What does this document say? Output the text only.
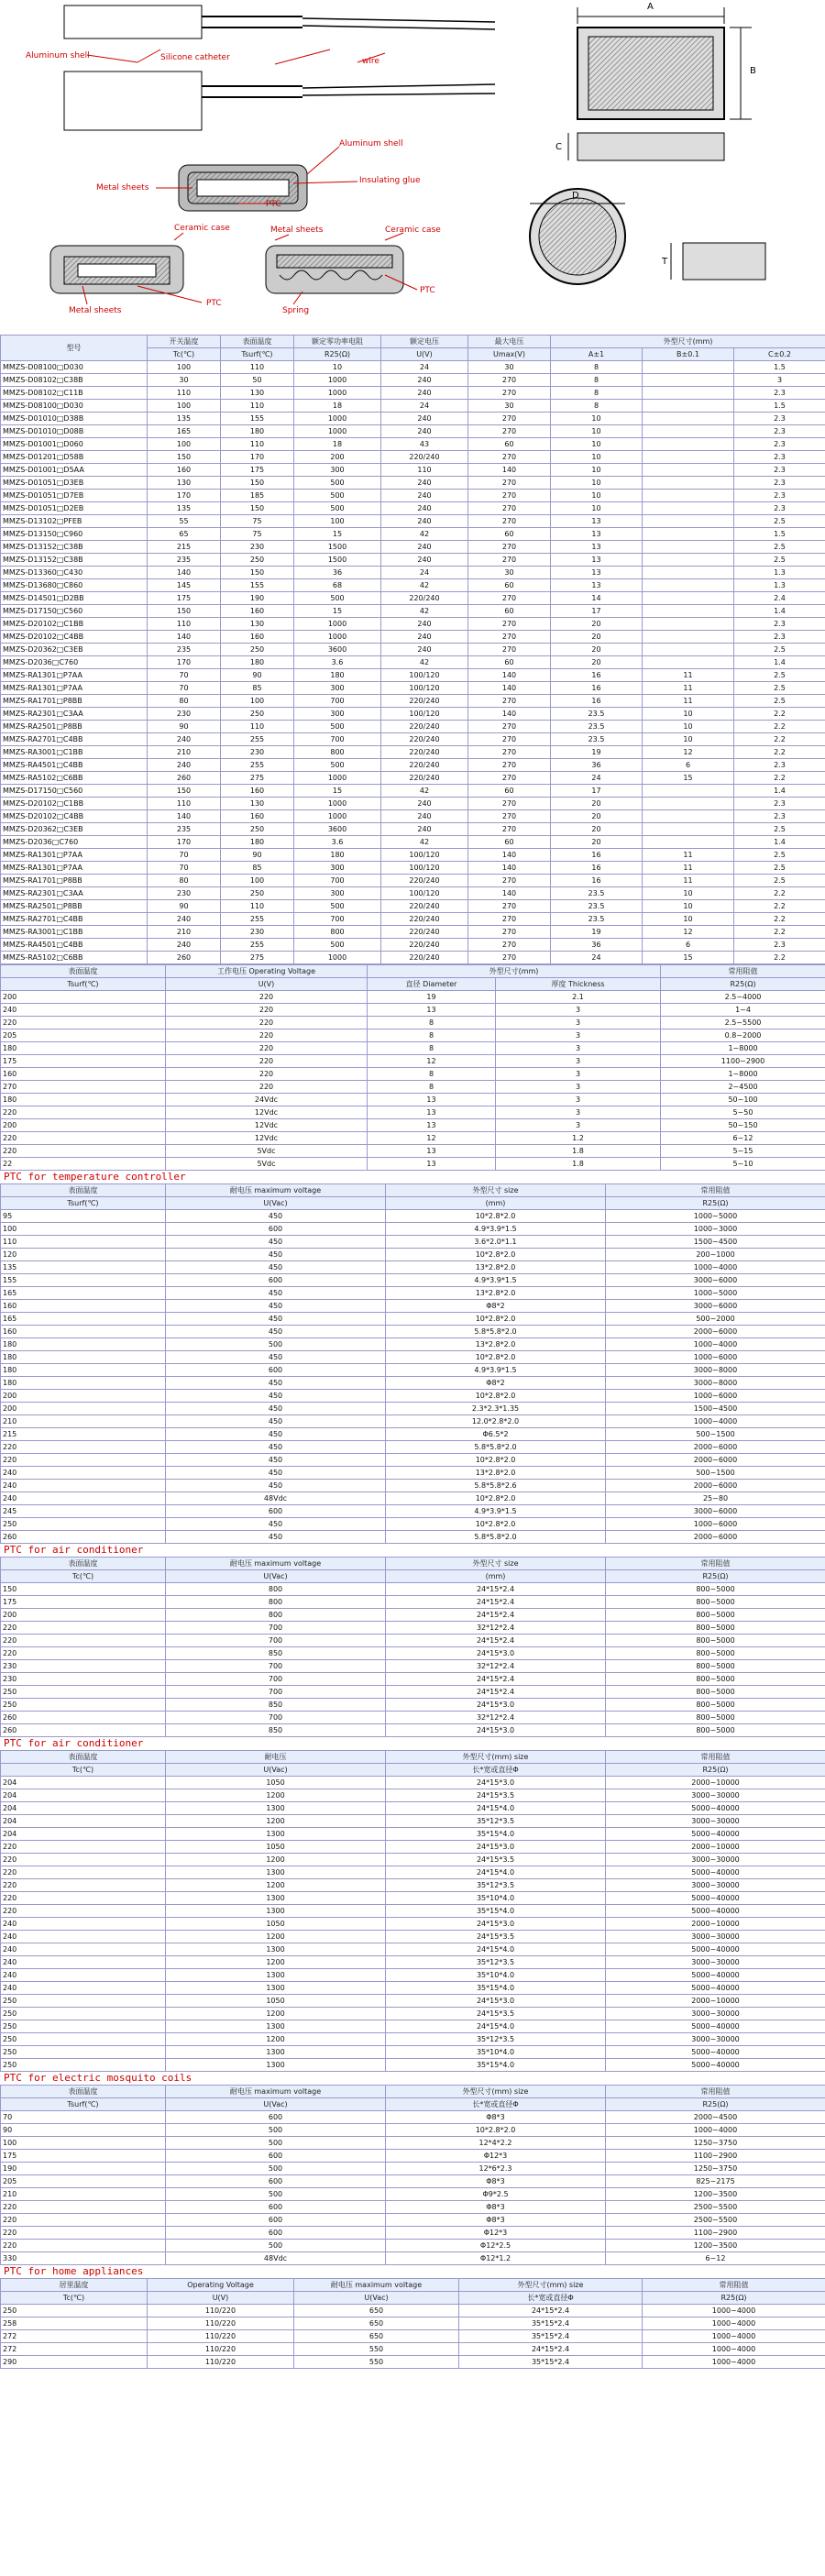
Aluminum shell	Silicone catheter	wire
Aluminum shell
Insulating glue
Metal sheets
PTC
Ceramic case	Metal sheets	Ceramic case
PTC
Metal sheets
PTC
Spring
A
B
C
D
T
型号	开关温度	表面温度	额定零功率电阻	额定电压	最大电压	外型尺寸(mm)		
	Tc(℃)	Tsurf(℃)	R25(Ω)	U(V)	Umax(V)	A±1	B±0.1	C±0.2
MMZS-D08100□D030	100	110	10	24	30	8		1.5
MMZS-D08102□C38B	30	50	1000	240	270	8		3
MMZS-D08102□C11B	110	130	1000	240	270	8		2.3
MMZS-D08100□D030	100	110	18	24	30	8		1.5
MMZS-D01010□D38B	135	155	1000	240	270	10		2.3
MMZS-D01010□D08B	165	180	1000	240	270	10		2.3
MMZS-D01001□D060	100	110	18	43	60	10		2.3
MMZS-D01201□D58B	150	170	200	220/240	270	10		2.3
MMZS-D01001□D5AA	160	175	300	110	140	10		2.3
MMZS-D01051□D3EB	130	150	500	240	270	10		2.3
MMZS-D01051□D7EB	170	185	500	240	270	10		2.3
MMZS-D01051□D2EB	135	150	500	240	270	10		2.3
MMZS-D13102□PFEB	55	75	100	240	270	13		2.5
MMZS-D13150□C960	65	75	15	42	60	13		1.5
MMZS-D13152□C38B	215	230	1500	240	270	13		2.5
MMZS-D13152□C38B	235	250	1500	240	270	13		2.5
MMZS-D13360□C430	140	150	36	24	30	13		1.3
MMZS-D13680□C860	145	155	68	42	60	13		1.3
MMZS-D14501□D2BB	175	190	500	220/240	270	14		2.4
MMZS-D17150□C560	150	160	15	42	60	17		1.4
MMZS-D20102□C1BB	110	130	1000	240	270	20		2.3
MMZS-D20102□C4BB	140	160	1000	240	270	20		2.3
MMZS-D20362□C3EB	235	250	3600	240	270	20		2.5
MMZS-D2036□C760	170	180	3.6	42	60	20		1.4
MMZS-RA1301□P7AA	70	90	180	100/120	140	16	11	2.5
MMZS-RA1301□P7AA	70	85	300	100/120	140	16	11	2.5
MMZS-RA1701□P8BB	80	100	700	220/240	270	16	11	2.5
MMZS-RA2301□C3AA	230	250	300	100/120	140	23.5	10	2.2
MMZS-RA2501□P8BB	90	110	500	220/240	270	23.5	10	2.2
MMZS-RA2701□C4BB	240	255	700	220/240	270	23.5	10	2.2
MMZS-RA3001□C1BB	210	230	800	220/240	270	19	12	2.2
MMZS-RA4501□C4BB	240	255	500	220/240	270	36	6	2.3
MMZS-RA5102□C6BB	260	275	1000	220/240	270	24	15	2.2
MMZS-D17150□C560	150	160	15	42	60	17		1.4
MMZS-D20102□C1BB	110	130	1000	240	270	20		2.3
MMZS-D20102□C4BB	140	160	1000	240	270	20		2.3
MMZS-D20362□C3EB	235	250	3600	240	270	20		2.5
MMZS-D2036□C760	170	180	3.6	42	60	20		1.4
MMZS-RA1301□P7AA	70	90	180	100/120	140	16	11	2.5
MMZS-RA1301□P7AA	70	85	300	100/120	140	16	11	2.5
MMZS-RA1701□P8BB	80	100	700	220/240	270	16	11	2.5
MMZS-RA2301□C3AA	230	250	300	100/120	140	23.5	10	2.2
MMZS-RA2501□P8BB	90	110	500	220/240	270	23.5	10	2.2
MMZS-RA2701□C4BB	240	255	700	220/240	270	23.5	10	2.2
MMZS-RA3001□C1BB	210	230	800	220/240	270	19	12	2.2
MMZS-RA4501□C4BB	240	255	500	220/240	270	36	6	2.3
MMZS-RA5102□C6BB	260	275	1000	220/240	270	24	15	2.2
表面温度	工作电压 Operating Voltage	外型尺寸(mm)		常用阻值
Tsurf(℃)	U(V)	直径 Diameter	厚度 Thickness	R25(Ω)
200	220	19	2.1	2.5~4000
240	220	13	3	1~4
220	220	8	3	2.5~5500
205	220	8	3	0.8~2000
180	220	8	3	1~8000
175	220	12	3	1100~2900
160	220	8	3	1~8000
270	220	8	3	2~4500
180	24Vdc	13	3	50~100
220	12Vdc	13	3	5~50
200	12Vdc	13	3	50~150
220	12Vdc	12	1.2	6~12
220	5Vdc	13	1.8	5~15
22	5Vdc	13	1.8	5~10
PTC for temperature controller
表面温度	耐电压 maximum voltage	外型尺寸 size	常用阻值
Tsurf(℃)	U(Vac)	(mm)	R25(Ω)
95	450	10*2.8*2.0	1000~5000
100	600	4.9*3.9*1.5	1000~3000
110	450	3.6*2.0*1.1	1500~4500
120	450	10*2.8*2.0	200~1000
135	450	13*2.8*2.0	1000~4000
155	600	4.9*3.9*1.5	3000~6000
165	450	13*2.8*2.0	1000~5000
160	450	Φ8*2	3000~6000
165	450	10*2.8*2.0	500~2000
160	450	5.8*5.8*2.0	2000~6000
180	500	13*2.8*2.0	1000~4000
180	450	10*2.8*2.0	1000~6000
180	600	4.9*3.9*1.5	3000~8000
180	450	Φ8*2	3000~8000
200	450	10*2.8*2.0	1000~6000
200	450	2.3*2.3*1.35	1500~4500
210	450	12.0*2.8*2.0	1000~4000
215	450	Φ6.5*2	500~1500
220	450	5.8*5.8*2.0	2000~6000
220	450	10*2.8*2.0	2000~6000
240	450	13*2.8*2.0	500~1500
240	450	5.8*5.8*2.6	2000~6000
240	48Vdc	10*2.8*2.0	25~80
245	600	4.9*3.9*1.5	3000~6000
250	450	10*2.8*2.0	1000~6000
260	450	5.8*5.8*2.0	2000~6000
PTC for air conditioner
表面温度	耐电压 maximum voltage	外型尺寸 size	常用阻值
Tc(℃)	U(Vac)	(mm)	R25(Ω)
150	800	24*15*2.4	800~5000
175	800	24*15*2.4	800~5000
200	800	24*15*2.4	800~5000
220	700	32*12*2.4	800~5000
220	700	24*15*2.4	800~5000
220	850	24*15*3.0	800~5000
230	700	32*12*2.4	800~5000
230	700	24*15*2.4	800~5000
250	700	24*15*2.4	800~5000
250	850	24*15*3.0	800~5000
260	700	32*12*2.4	800~5000
260	850	24*15*3.0	800~5000
PTC for air conditioner
表面温度	耐电压	外型尺寸(mm) size	常用阻值
Tc(℃)	U(Vac)	长*宽或直径Φ	R25(Ω)
204	1050	24*15*3.0	2000~10000
204	1200	24*15*3.5	3000~30000
204	1300	24*15*4.0	5000~40000
204	1200	35*12*3.5	3000~30000
204	1300	35*15*4.0	5000~40000
220	1050	24*15*3.0	2000~10000
220	1200	24*15*3.5	3000~30000
220	1300	24*15*4.0	5000~40000
220	1200	35*12*3.5	3000~30000
220	1300	35*10*4.0	5000~40000
220	1300	35*15*4.0	5000~40000
240	1050	24*15*3.0	2000~10000
240	1200	24*15*3.5	3000~30000
240	1300	24*15*4.0	5000~40000
240	1200	35*12*3.5	3000~30000
240	1300	35*10*4.0	5000~40000
240	1300	35*15*4.0	5000~40000
250	1050	24*15*3.0	2000~10000
250	1200	24*15*3.5	3000~30000
250	1300	24*15*4.0	5000~40000
250	1200	35*12*3.5	3000~30000
250	1300	35*10*4.0	5000~40000
250	1300	35*15*4.0	5000~40000
PTC for electric mosquito coils
表面温度	耐电压 maximum voltage	外型尺寸(mm) size	常用阻值
Tsurf(℃)	U(Vac)	长*宽或直径Φ	R25(Ω)
70	600	Φ8*3	2000~4500
90	500	10*2.8*2.0	1000~4000
100	500	12*4*2.2	1250~3750
175	600	Φ12*3	1100~2900
190	500	12*6*2.3	1250~3750
205	600	Φ8*3	825~2175
210	500	Φ9*2.5	1200~3500
220	600	Φ8*3	2500~5500
220	600	Φ8*3	2500~5500
220	600	Φ12*3	1100~2900
220	500	Φ12*2.5	1200~3500
330	48Vdc	Φ12*1.2	6~12
PTC for home appliances
居里温度	Operating Voltage	耐电压 maximum voltage	外型尺寸(mm) size	常用阻值
Tc(℃)	U(V)	U(Vac)	长*宽或直径Φ	R25(Ω)
250	110/220	650	24*15*2.4	1000~4000
258	110/220	650	35*15*2.4	1000~4000
272	110/220	650	35*15*2.4	1000~4000
272	110/220	550	24*15*2.4	1000~4000
290	110/220	550	35*15*2.4	1000~4000
